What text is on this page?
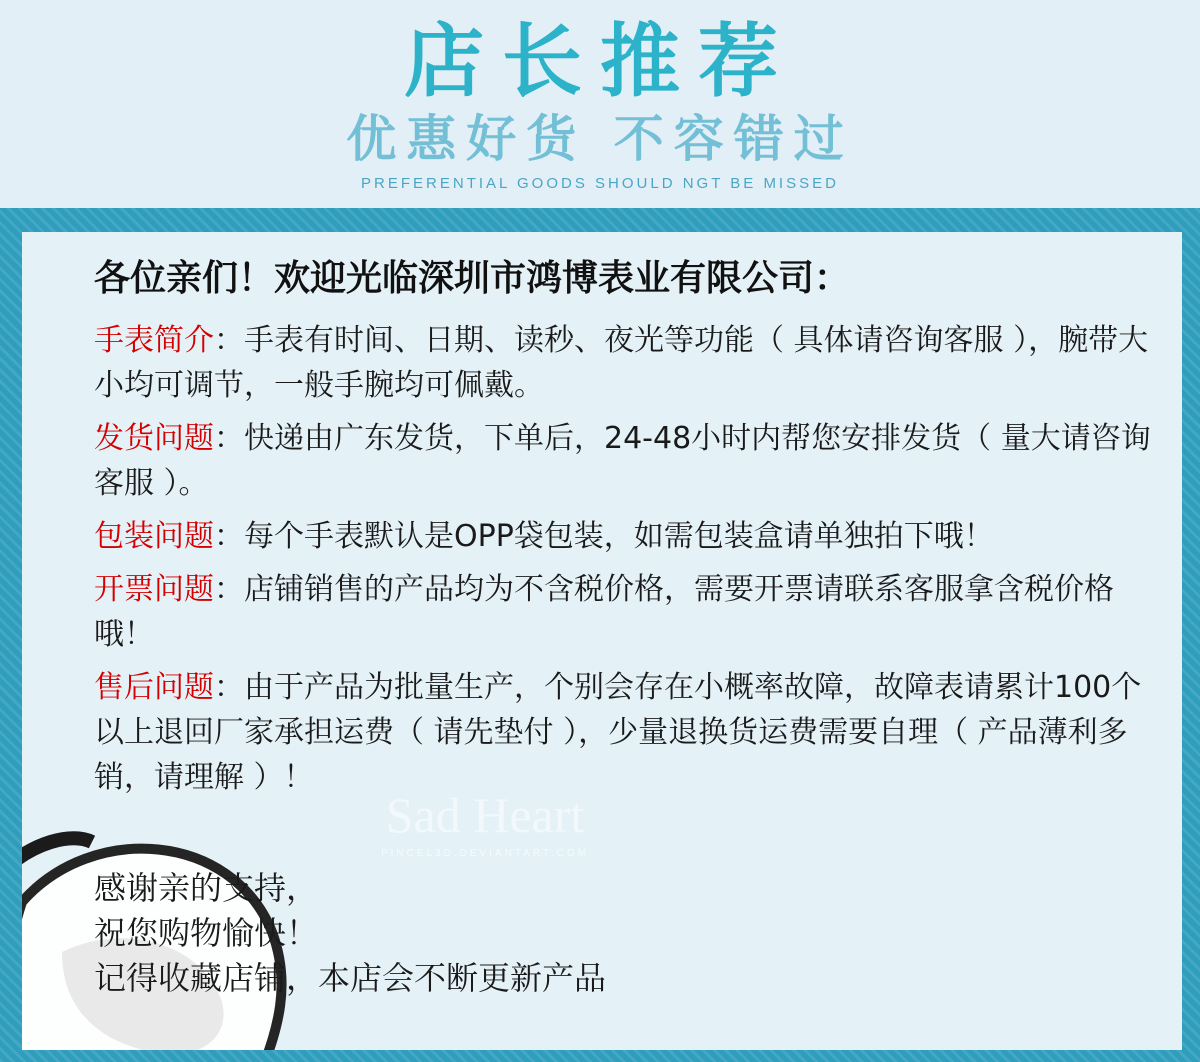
店长推荐
优惠好货 不容错过
PREFERENTIAL GOODS SHOULD NGT BE MISSED
Sad Heart
PINCEL3D.DEVIANTART.COM
各位亲们！欢迎光临深圳市鸿博表业有限公司：
手表简介：手表有时间、日期、读秒、夜光等功能（ 具体请咨询客服 ），腕带大小均可调节，一般手腕均可佩戴。
发货问题：快递由广东发货，下单后，24-48小时内帮您安排发货（ 量大请咨询客服 ）。
包装问题：每个手表默认是OPP袋包装，如需包装盒请单独拍下哦！
开票问题：店铺销售的产品均为不含税价格，需要开票请联系客服拿含税价格哦！
售后问题：由于产品为批量生产，个别会存在小概率故障，故障表请累计100个以上退回厂家承担运费（ 请先垫付 ），少量退换货运费需要自理（ 产品薄利多销，请理解 ）！
感谢亲的支持，
祝您购物愉快！
记得收藏店铺，本店会不断更新产品
